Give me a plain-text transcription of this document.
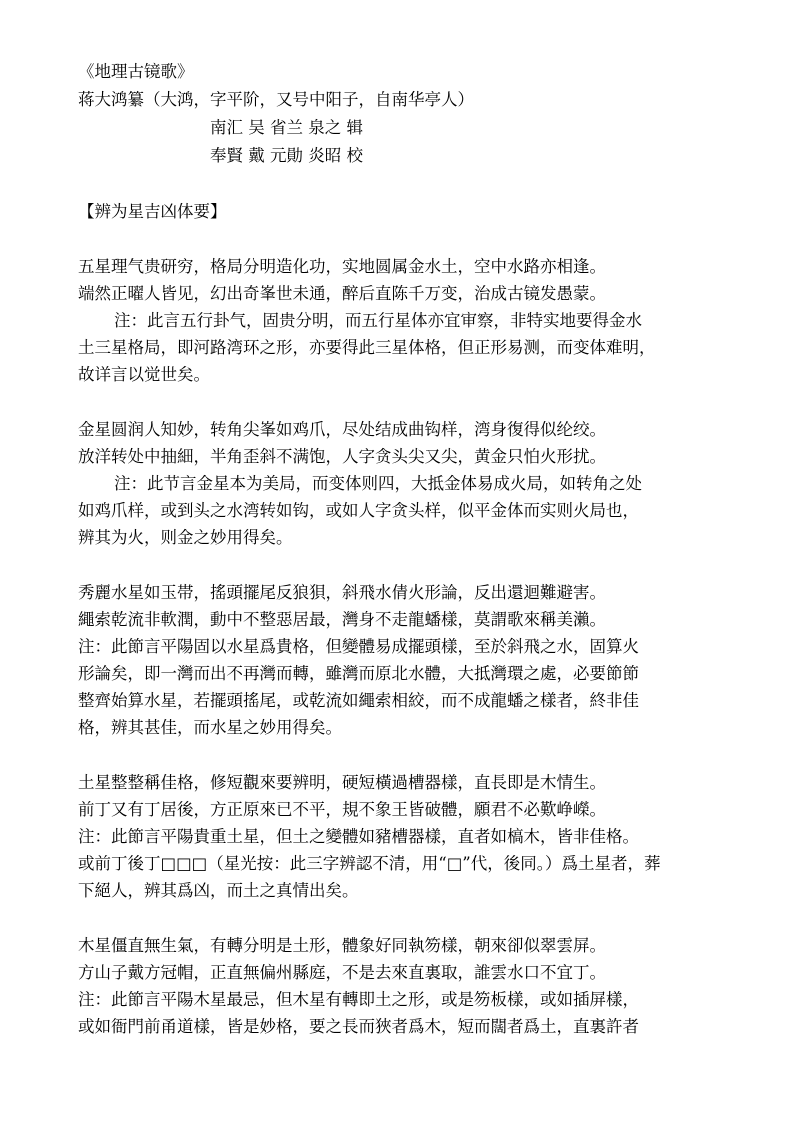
《地理古镜歌》
蒋大鸿纂（大鸿，字平阶，又号中阳子，自南华亭人）
南汇 吴 省兰 泉之 辑
奉賢 戴 元勛 炎昭 校
【辨为星吉凶体要】
五星理气贵研穷，格局分明造化功，实地圆属金水土，空中水路亦相逢。
端然正曜人皆见，幻出奇峯世未通，醉后直陈千万变，治成古镜发愚蒙。
注：此言五行卦气，固贵分明，而五行星体亦宜审察，非特实地要得金水
土三星格局，即河路湾环之形，亦要得此三星体格，但正形易测，而变体难明，
故详言以觉世矣。
金星圆润人知妙，转角尖峯如鸡爪，尽处结成曲钩样，湾身復得似纶绞。
放洋转处中抽細，半角歪斜不满饱，人字贪头尖又尖，黄金只怕火形扰。
注：此节言金星本为美局，而变体则四，大抵金体易成火局，如转角之处
如鸡爪样，或到头之水湾转如钩，或如人字贪头样，似平金体而实则火局也，
辨其为火，则金之妙用得矣。
秀麗水星如玉帯，搖頭擺尾反狼狽，斜飛水倩火形論，反出還迴難避害。
繩索乾流非軟潤，動中不整惡居最，灣身不走龍蟠樣，莫謂歌來稱美瀨。
注：此節言平陽固以水星爲貴格，但變體易成擺頭樣，至於斜飛之水，固算火
形論矣，即一灣而出不再灣而轉，雖灣而原北水體，大抵灣環之處，必要節節
整齊始算水星，若擺頭搖尾，或乾流如繩索相絞，而不成龍蟠之樣者，終非佳
格，辨其甚佳，而水星之妙用得矣。
土星整整稱佳格，修短觀來要辨明，硬短橫過槽器樣，直長即是木情生。
前丁又有丁居後，方正原來已不平，規不象王皆破體，願君不必歎峥嶸。
注：此節言平陽貴重土星，但土之變體如豬槽器樣，直者如槁木，皆非佳格。
或前丁後丁□□□（星光按：此三字辨認不清，用“□”代，後同。）爲土星者，葬
下絕人，辨其爲凶，而土之真情出矣。
木星僵直無生氣，有轉分明是土形，體象好同執笏樣，朝來卻似翠雲屏。
方山子戴方冠帽，正直無偏州縣庭，不是去來直裏取，誰雲水口不宜丁。
注：此節言平陽木星最忌，但木星有轉即土之形，或是笏板樣，或如插屏樣，
或如衙門前甬道樣，皆是妙格，要之長而狹者爲木，短而闊者爲土，直裏許者
